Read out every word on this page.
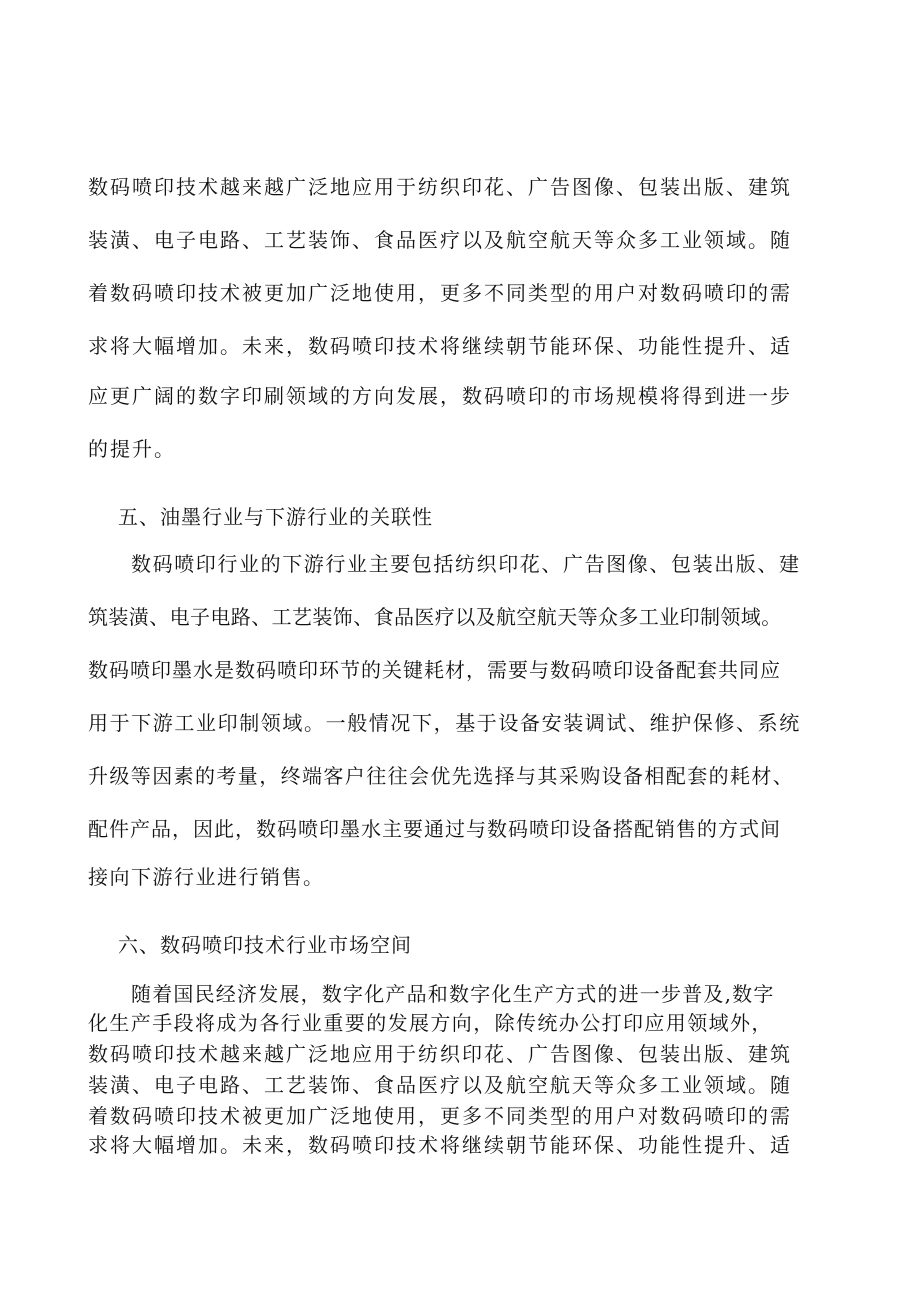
数码喷印技术越来越广泛地应用于纺织印花、广告图像、包装出版、建筑
装潢、电子电路、工艺装饰、食品医疗以及航空航天等众多工业领域。随
着数码喷印技术被更加广泛地使用，更多不同类型的用户对数码喷印的需
求将大幅增加。未来，数码喷印技术将继续朝节能环保、功能性提升、适
应更广阔的数字印刷领域的方向发展，数码喷印的市场规模将得到进一步
的提升。
五、油墨行业与下游行业的关联性
数码喷印行业的下游行业主要包括纺织印花、广告图像、包装出版、建
筑装潢、电子电路、工艺装饰、食品医疗以及航空航天等众多工业印制领域。
数码喷印墨水是数码喷印环节的关键耗材，需要与数码喷印设备配套共同应
用于下游工业印制领域。一般情况下，基于设备安装调试、维护保修、系统
升级等因素的考量，终端客户往往会优先选择与其采购设备相配套的耗材、
配件产品，因此，数码喷印墨水主要通过与数码喷印设备搭配销售的方式间
接向下游行业进行销售。
六、数码喷印技术行业市场空间
随着国民经济发展，数字化产品和数字化生产方式的进一步普及,数字
化生产手段将成为各行业重要的发展方向，除传统办公打印应用领域外，
数码喷印技术越来越广泛地应用于纺织印花、广告图像、包装出版、建筑
装潢、电子电路、工艺装饰、食品医疗以及航空航天等众多工业领域。随
着数码喷印技术被更加广泛地使用，更多不同类型的用户对数码喷印的需
求将大幅增加。未来，数码喷印技术将继续朝节能环保、功能性提升、适
